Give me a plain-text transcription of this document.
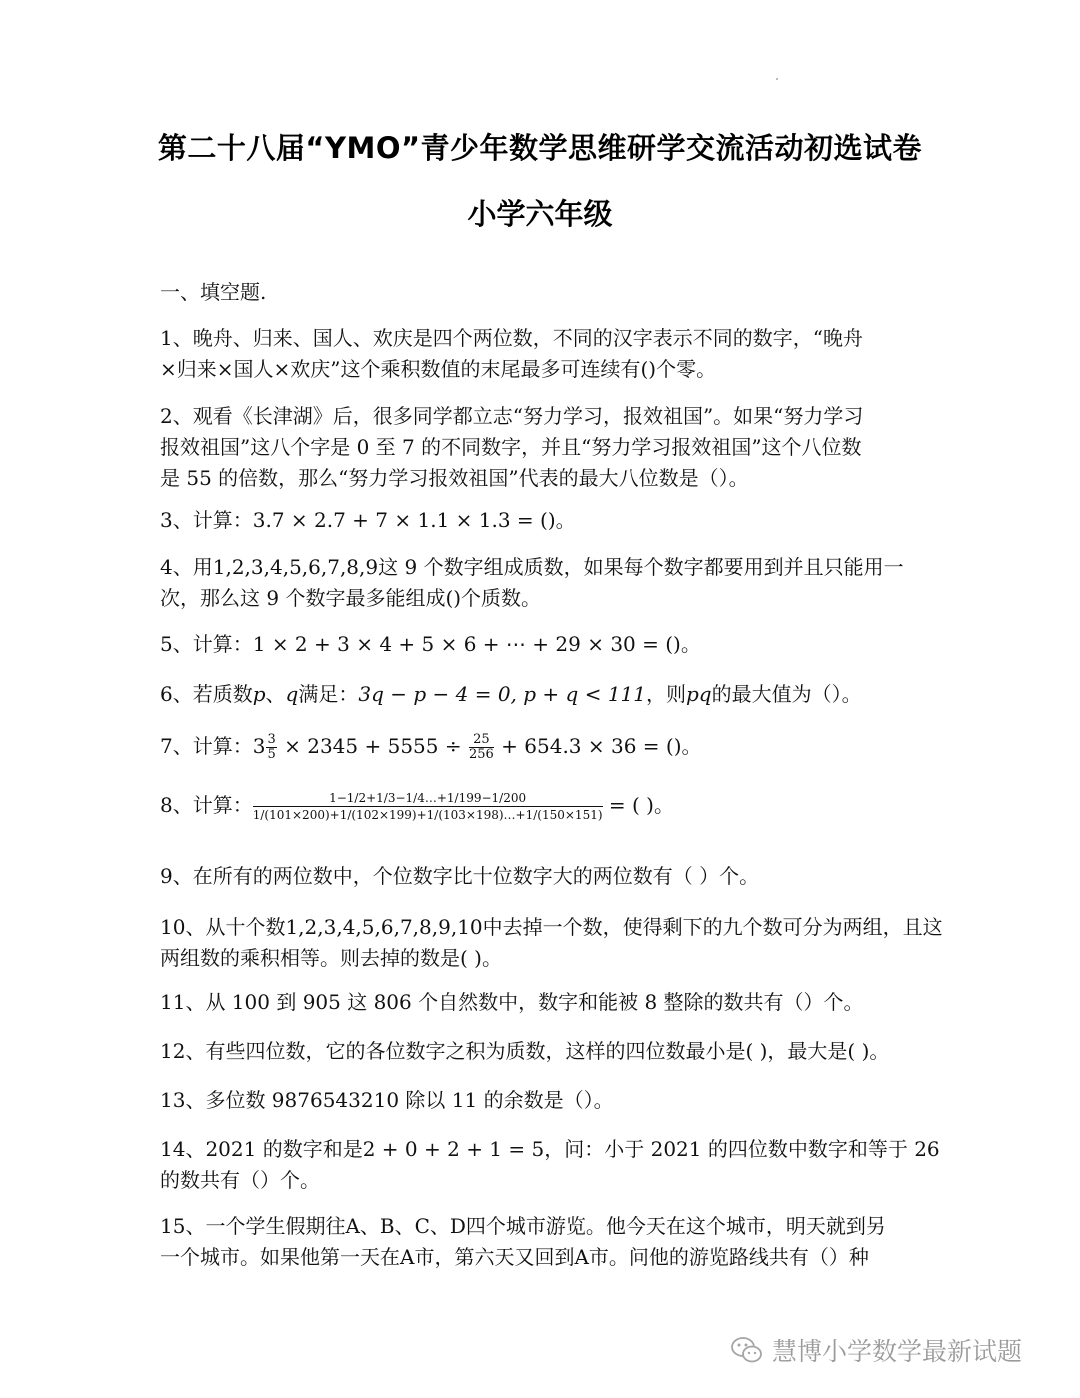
第二十八届“YMO”青少年数学思维研学交流活动初选试卷
小学六年级
一、填空题.
1、晚舟、归来、国人、欢庆是四个两位数，不同的汉字表示不同的数字，“晚舟
×归来×国人×欢庆”这个乘积数值的末尾最多可连续有()个零。
2、观看《长津湖》后，很多同学都立志“努力学习，报效祖国”。如果“努力学习
报效祖国”这八个字是 0 至 7 的不同数字，并且“努力学习报效祖国”这个八位数
是 55 的倍数，那么“努力学习报效祖国”代表的最大八位数是（）。
3、计算：3.7 × 2.7 + 7 × 1.1 × 1.3 = ()。
4、用1,2,3,4,5,6,7,8,9这 9 个数字组成质数，如果每个数字都要用到并且只能用一
次，那么这 9 个数字最多能组成()个质数。
5、计算：1 × 2 + 3 × 4 + 5 × 6 + ⋯ + 29 × 30 = ()。
6、若质数p、q满足：3q − p − 4 = 0, p + q < 111，则pq的最大值为（）。
7、计算：$3 \frac{3}{5} \times 2345 + 5555 \div \frac{25}{256} + 654.3 \times 36$ = ()。
8、计算： $\frac{1-1/2+1/3-1/4\dots+1/199-1/200}{1/(101\times 200)+1/(102\times 199)+1/(103\times 198)\dots+1/(150\times 151)}$ = ( )。
9、在所有的两位数中，个位数字比十位数字大的两位数有（ ）个。
10、从十个数1,2,3,4,5,6,7,8,9,10中去掉一个数，使得剩下的九个数可分为两组，且这
两组数的乘积相等。则去掉的数是( )。
11、从 100 到 905 这 806 个自然数中，数字和能被 8 整除的数共有（）个。
12、有些四位数，它的各位数字之积为质数，这样的四位数最小是( )，最大是( )。
13、多位数 9876543210 除以 11 的余数是（）。
14、2021 的数字和是2 + 0 + 2 + 1 = 5，问：小于 2021 的四位数中数字和等于 26
的数共有（）个。
15、一个学生假期往A、B、C、D四个城市游览。他今天在这个城市，明天就到另
一个城市。如果他第一天在A市，第六天又回到A市。问他的游览路线共有（）种
慧博小学数学最新试题
